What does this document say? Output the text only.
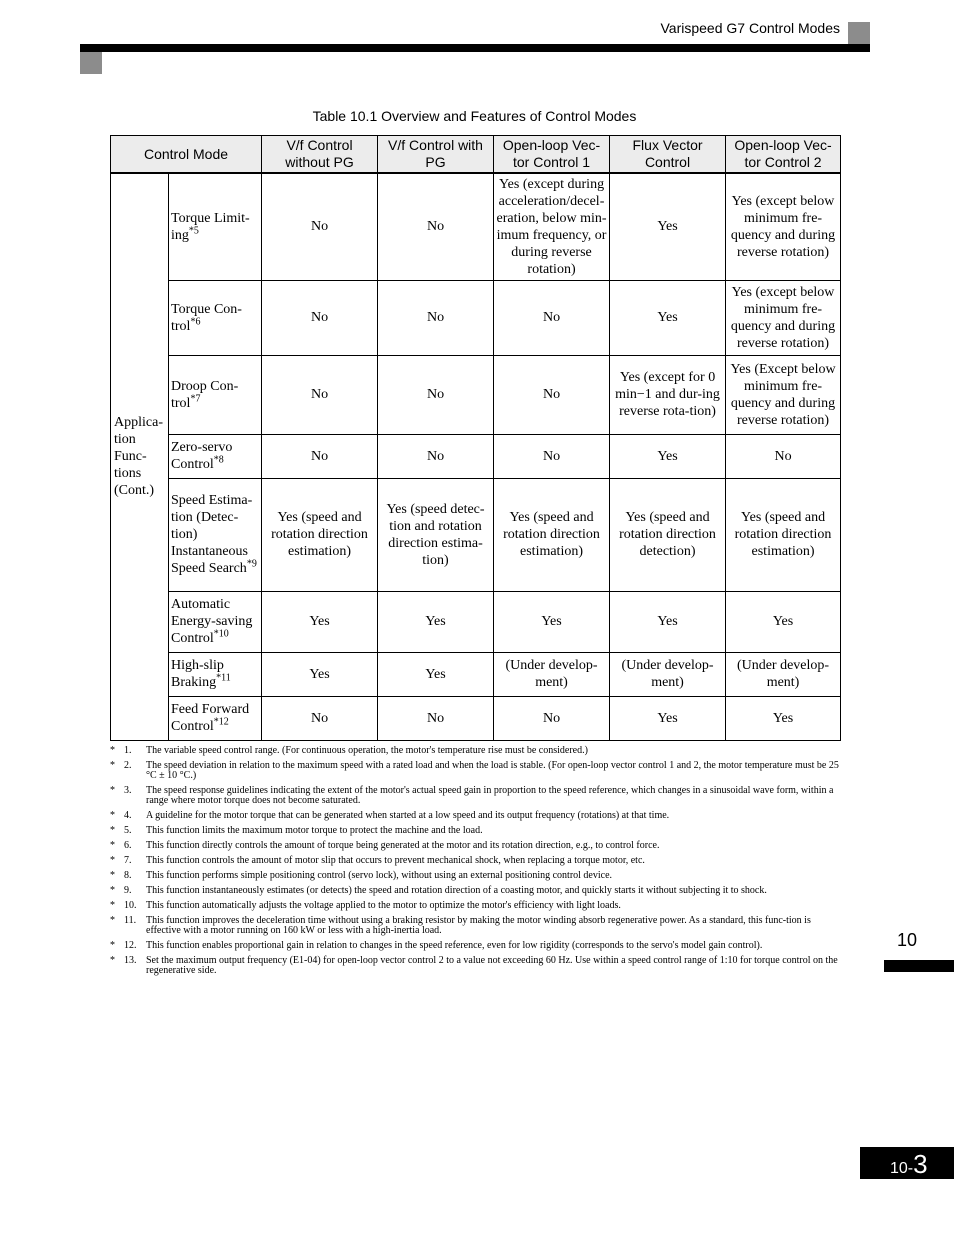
Varispeed G7 Control Modes
Table 10.1 Overview and Features of Control Modes
Control Mode		V/f Control without PG	V/f Control with PG	Open-loop Vec-tor Control 1	Flux Vector Control	Open-loop Vec-tor Control 2
Applica-tion Func-tions (Cont.)	Torque Limit-ing$^{*5}$	No	No	Yes (except during acceleration/decel-eration, below min-imum frequency, or during reverse rotation)	Yes	Yes (except below minimum fre-quency and during reverse rotation)
	Torque Con-trol$^{*6}$	No	No	No	Yes	Yes (except below minimum fre-quency and during reverse rotation)
	Droop Con-trol$^{*7}$	No	No	No	Yes (except for 0 min−1 and dur-ing reverse rota-tion)	Yes (Except below minimum fre-quency and during reverse rotation)
	Zero-servo Control$^{*8}$	No	No	No	Yes	No
	Speed Estima-tion (Detec-tion) Instantaneous Speed Search$^{*9}$	Yes (speed and rotation direction estimation)	Yes (speed detec-tion and rotation direction estima-tion)	Yes (speed and rotation direction estimation)	Yes (speed and rotation direction detection)	Yes (speed and rotation direction estimation)
	Automatic Energy-saving Control$^{*10}$	Yes	Yes	Yes	Yes	Yes
	High-slip Braking$^{*11}$	Yes	Yes	(Under develop-ment)	(Under develop-ment)	(Under develop-ment)
	Feed Forward Control$^{*12}$	No	No	No	Yes	Yes
* 1.	The variable speed control range. (For continuous operation, the motor's temperature rise must be considered.)
* 2.	The speed deviation in relation to the maximum speed with a rated load and when the load is stable. (For open-loop vector control 1 and 2, the motor temperature must be 25 °C ± 10 °C.)
* 3.	The speed response guidelines indicating the extent of the motor's actual speed gain in proportion to the speed reference, which changes in a sinusoidal wave form, within a range where motor torque does not become saturated.
* 4.	A guideline for the motor torque that can be generated when started at a low speed and its output frequency (rotations) at that time.
* 5.	This function limits the maximum motor torque to protect the machine and the load.
* 6.	This function directly controls the amount of torque being generated at the motor and its rotation direction, e.g., to control force.
* 7.	This function controls the amount of motor slip that occurs to prevent mechanical shock, when replacing a torque motor, etc.
* 8.	This function performs simple positioning control (servo lock), without using an external positioning control device.
* 9.	This function instantaneously estimates (or detects) the speed and rotation direction of a coasting motor, and quickly starts it without subjecting it to shock.
* 10. This function automatically adjusts the voltage applied to the motor to optimize the motor's efficiency with light loads.
* 11. This function improves the deceleration time without using a braking resistor by making the motor winding absorb regenerative power. As a standard, this func-tion is effective with a motor running on 160 kW or less with a high-inertia load.
* 12. This function enables proportional gain in relation to changes in the speed reference, even for low rigidity (corresponds to the servo's model gain control).
* 13. Set the maximum output frequency (E1-04) for open-loop vector control 2 to a value not exceeding 60 Hz. Use within a speed control range of 1:10 for torque control on the regenerative side.
10
10-3
